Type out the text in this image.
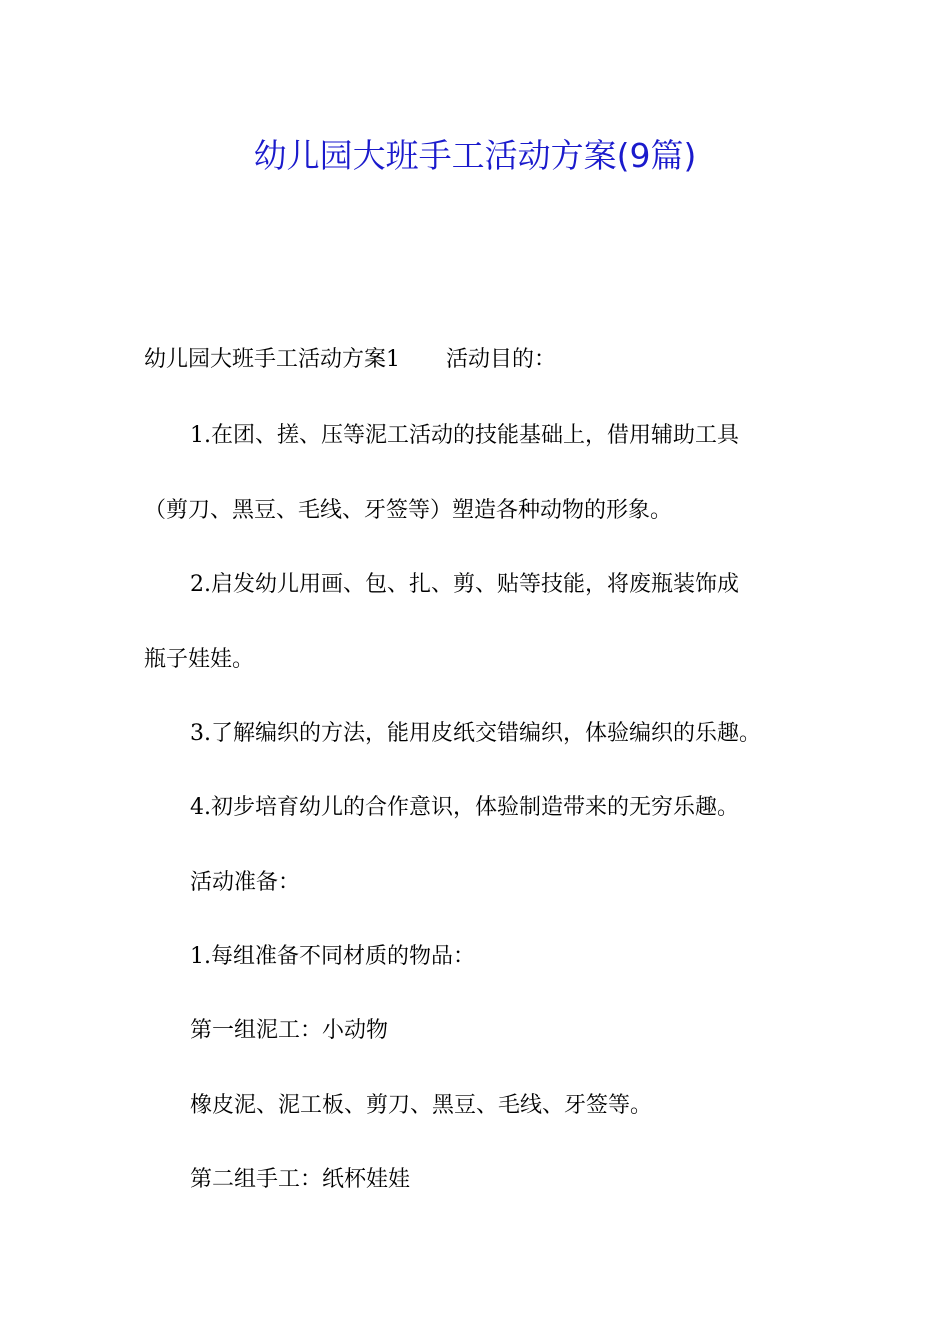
幼儿园大班手工活动方案(9篇)
幼儿园大班手工活动方案1 活动目的：
1.在团、搓、压等泥工活动的技能基础上，借用辅助工具
（剪刀、黑豆、毛线、牙签等）塑造各种动物的形象。
2.启发幼儿用画、包、扎、剪、贴等技能，将废瓶装饰成
瓶子娃娃。
3.了解编织的方法，能用皮纸交错编织，体验编织的乐趣。
4.初步培育幼儿的合作意识，体验制造带来的无穷乐趣。
活动准备：
1.每组准备不同材质的物品：
第一组泥工：小动物
橡皮泥、泥工板、剪刀、黑豆、毛线、牙签等。
第二组手工：纸杯娃娃
